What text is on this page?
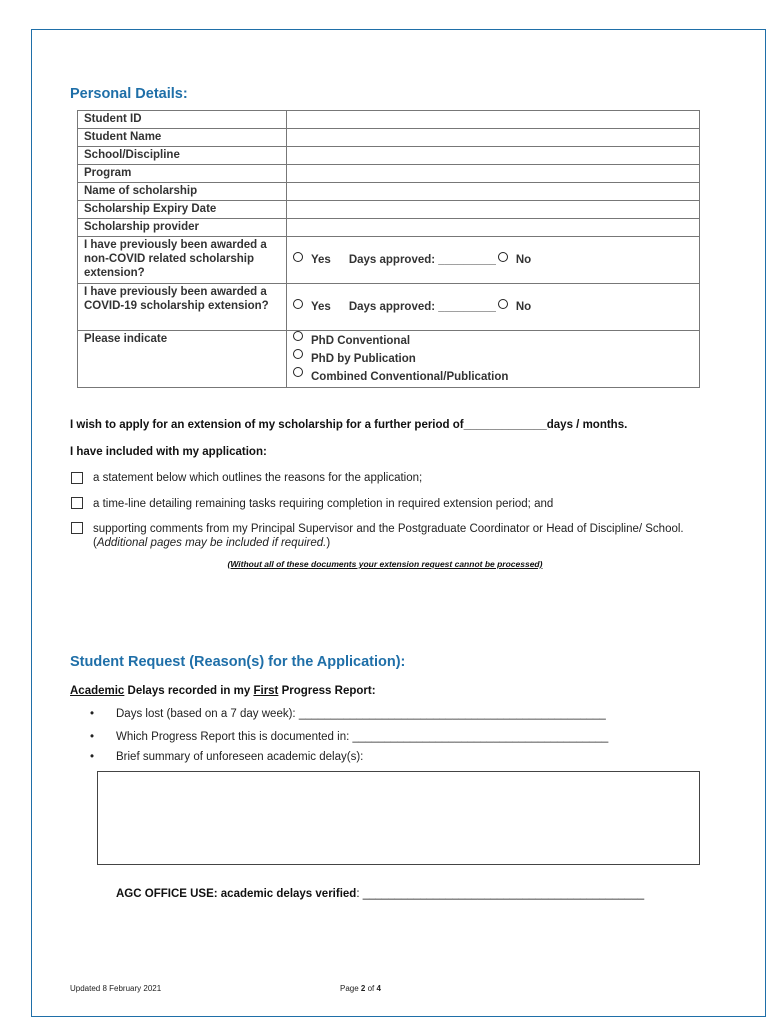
Personal Details:
Student ID	
Student Name	
School/Discipline	
Program	
Name of scholarship	
Scholarship Expiry Date	
Scholarship provider	
I have previously been awarded a non-COVID related scholarship extension?	Yes Days approved: _________ No

I have previously been awarded a COVID-19 scholarship extension?	Yes Days approved: _________ No

Please indicate	PhD Conventional
PhD by Publication
Combined Conventional/Publication
I wish to apply for an extension of my scholarship for a further period of_____________days / months.
I have included with my application:
a statement below which outlines the reasons for the application;
a time-line detailing remaining tasks requiring completion in required extension period; and
supporting comments from my Principal Supervisor and the Postgraduate Coordinator or Head of Discipline/ School. (Additional pages may be included if required.)
(Without all of these documents your extension request cannot be processed)
Student Request (Reason(s) for the Application):
Academic Delays recorded in my First Progress Report:
• Days lost (based on a 7 day week): ________________________________________________
• Which Progress Report this is documented in: ________________________________________
• Brief summary of unforeseen academic delay(s):
AGC OFFICE USE: academic delays verified: ____________________________________________
Updated 8 February 2021	Page 2 of 4
